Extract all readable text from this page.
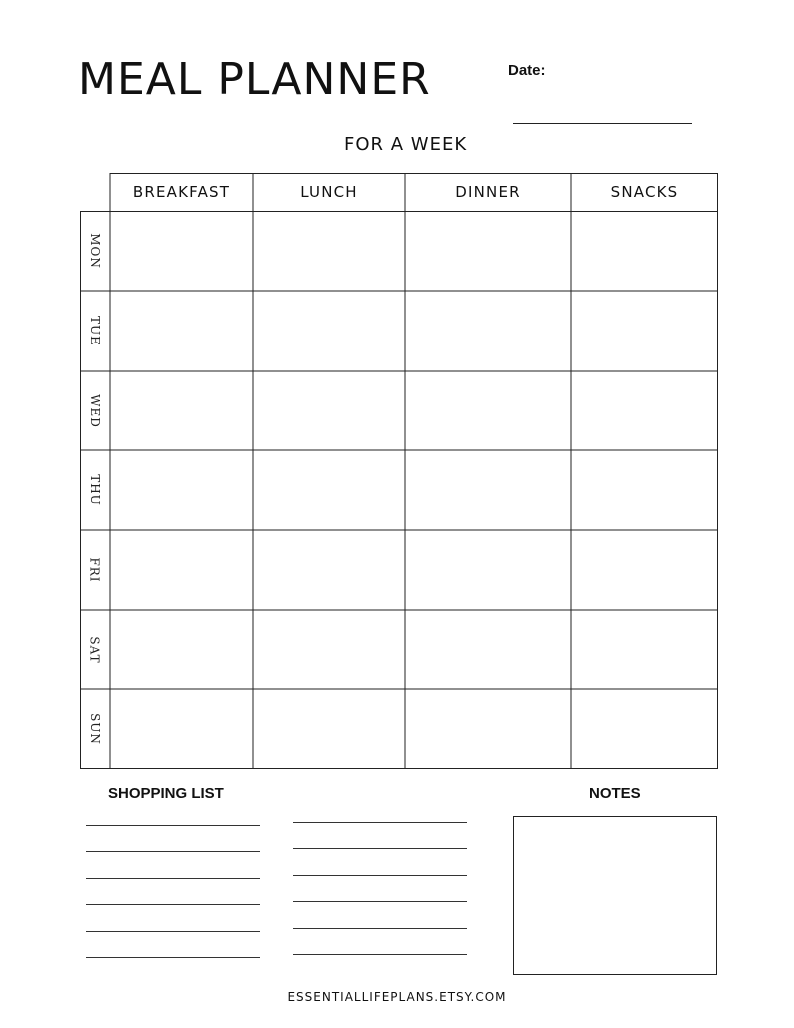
MEAL PLANNER	Date:
FOR A WEEK
BREAKFAST	LUNCH	DINNER	SNACKS
MON
TUE
WED
THU
FRI
SAT
SUN
SHOPPING LIST	NOTES
ESSENTIALLIFEPLANS.ETSY.COM
